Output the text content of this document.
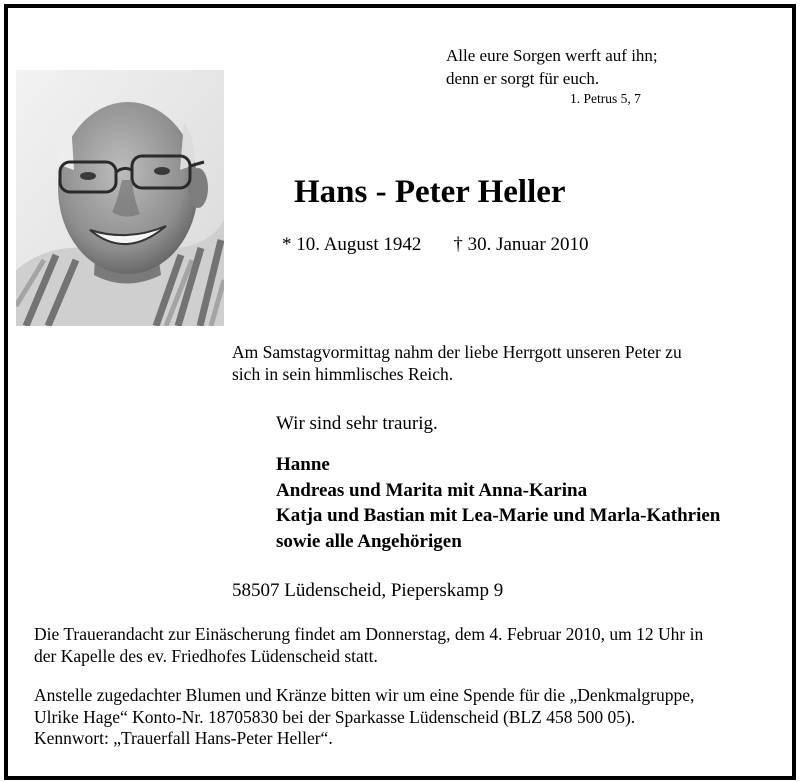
Alle eure Sorgen werft auf ihn;
denn er sorgt für euch.
1. Petrus 5, 7
Hans - Peter Heller
* 10. August 1942 † 30. Januar 2010
Am Samstagvormittag nahm der liebe Herrgott unseren Peter zu
sich in sein himmlisches Reich.
Wir sind sehr traurig.
Hanne
Andreas und Marita mit Anna-Karina
Katja und Bastian mit Lea-Marie und Marla-Kathrien
sowie alle Angehörigen
58507 Lüdenscheid, Pieperskamp 9
Die Trauerandacht zur Einäscherung findet am Donnerstag, dem 4. Februar 2010, um 12 Uhr in
der Kapelle des ev. Friedhofes Lüdenscheid statt.
Anstelle zugedachter Blumen und Kränze bitten wir um eine Spende für die „Denkmalgruppe,
Ulrike Hage“ Konto-Nr. 18705830 bei der Sparkasse Lüdenscheid (BLZ 458 500 05).
Kennwort: „Trauerfall Hans-Peter Heller“.
